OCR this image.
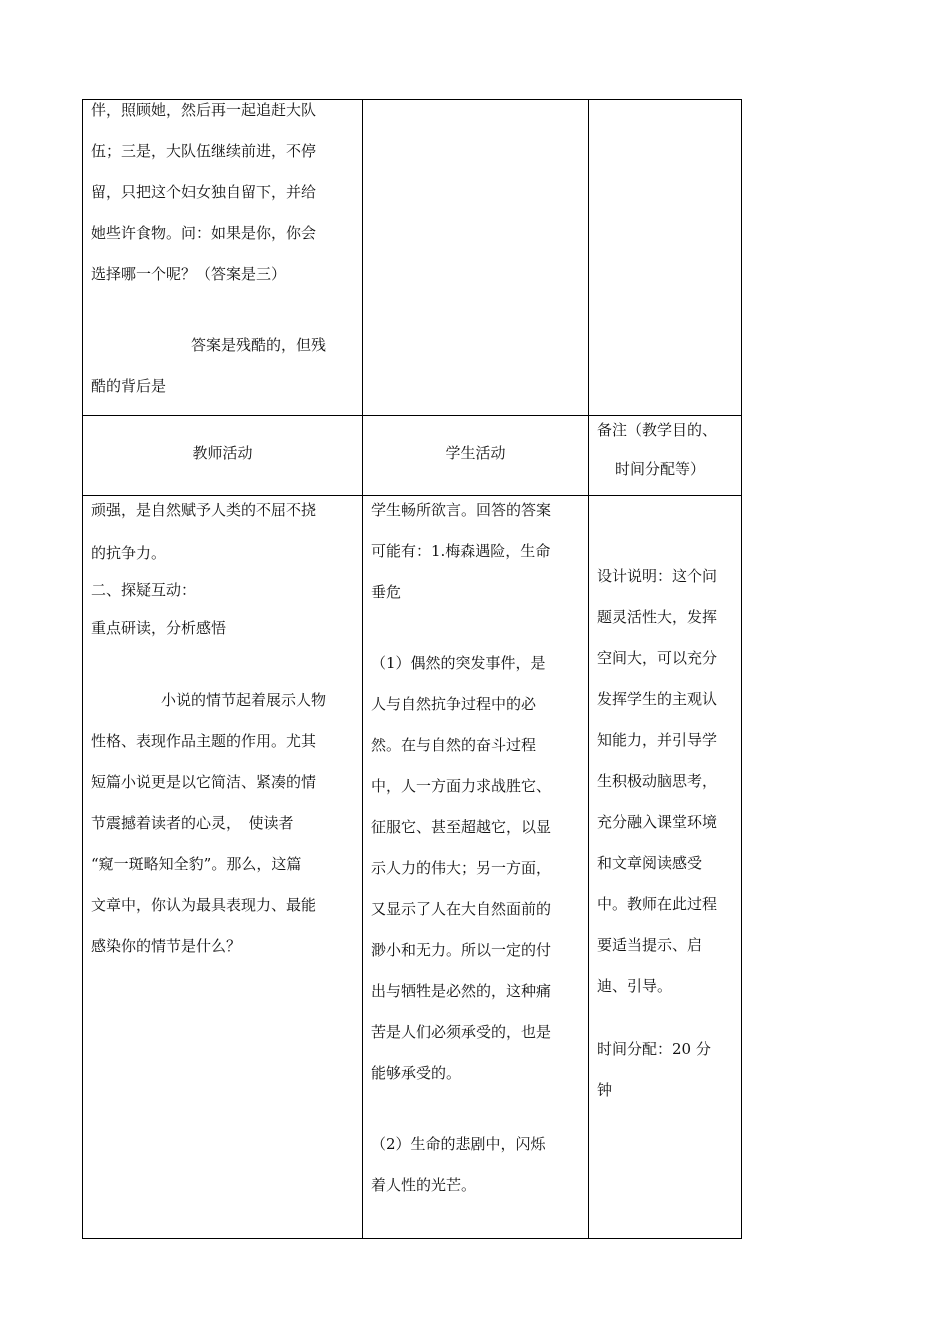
伴，照顾她，然后再一起追赶大队

伍；三是，大队伍继续前进，不停

留，只把这个妇女独自留下，并给

她些许食物。问：如果是你，你会

选择哪一个呢？（答案是三）

答案是残酷的，但残

酷的背后是

教师活动	学生活动

备注（教学目的、

时间分配等）

顽强，是自然赋予人类的不屈不挠

的抗争力。

二、探疑互动：

重点研读，分析感悟

小说的情节起着展示人物

性格、表现作品主题的作用。尤其

短篇小说更是以它简洁、紧凑的情

节震撼着读者的心灵，　使读者

“窥一斑略知全豹”。那么，这篇

文章中，你认为最具表现力、最能

感染你的情节是什么？

学生畅所欲言。回答的答案

可能有：1.梅森遇险，生命

垂危

（1）偶然的突发事件，是

人与自然抗争过程中的必

然。在与自然的奋斗过程

中，人一方面力求战胜它、

征服它、甚至超越它，以显

示人力的伟大；另一方面，

又显示了人在大自然面前的

渺小和无力。所以一定的付

出与牺牲是必然的，这种痛

苦是人们必须承受的，也是

能够承受的。

（2）生命的悲剧中，闪烁

着人性的光芒。

设计说明：这个问

题灵活性大，发挥

空间大，可以充分

发挥学生的主观认

知能力，并引导学

生积极动脑思考，

充分融入课堂环境

和文章阅读感受

中。教师在此过程

要适当提示、启

迪、引导。

时间分配：20 分

钟
